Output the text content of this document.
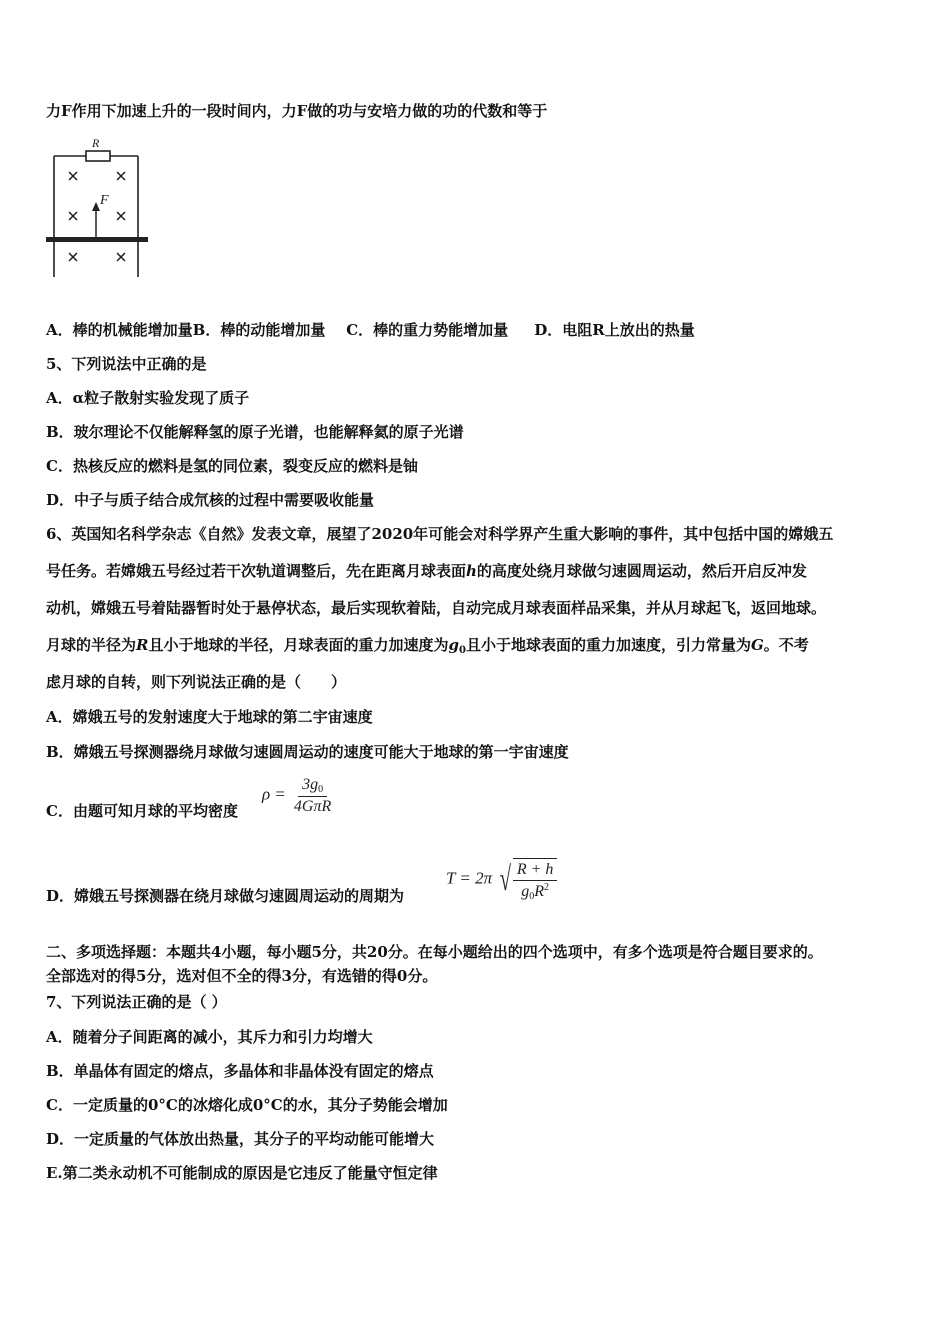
力F作用下加速上升的一段时间内，力F做的功与安培力做的功的代数和等于
R
F
A．棒的机械能增加量B．棒的动能增加量    C．棒的重力势能增加量     D．电阻R上放出的热量
5、下列说法中正确的是
A．α粒子散射实验发现了质子
B．玻尔理论不仅能解释氢的原子光谱，也能解释氦的原子光谱
C．热核反应的燃料是氢的同位素，裂变反应的燃料是铀
D．中子与质子结合成氘核的过程中需要吸收能量
6、英国知名科学杂志《自然》发表文章，展望了2020年可能会对科学界产生重大影响的事件，其中包括中国的嫦娥五
号任务。若嫦娥五号经过若干次轨道调整后，先在距离月球表面h的高度处绕月球做匀速圆周运动，然后开启反冲发
动机，嫦娥五号着陆器暂时处于悬停状态，最后实现软着陆，自动完成月球表面样品采集，并从月球起飞，返回地球。
月球的半径为R且小于地球的半径，月球表面的重力加速度为$g_0$且小于地球表面的重力加速度，引力常量为G。不考
虑月球的自转，则下列说法正确的是（　　）
A．嫦娥五号的发射速度大于地球的第二宇宙速度
B．嫦娥五号探测器绕月球做匀速圆周运动的速度可能大于地球的第一宇宙速度
C．由题可知月球的平均密度
$\rho = \frac{3g_0}{\text{4GπR}}$
D．嫦娥五号探测器在绕月球做匀速圆周运动的周期为
T = 2π √ $\frac{R + h}{g_0R^2}$
二、多项选择题：本题共4小题，每小题5分，共20分。在每小题给出的四个选项中，有多个选项是符合题目要求的。
全部选对的得5分，选对但不全的得3分，有选错的得0分。
7、下列说法正确的是（ ）
A．随着分子间距离的减小，其斥力和引力均增大
B．单晶体有固定的熔点，多晶体和非晶体没有固定的熔点
C．一定质量的0°C的冰熔化成0°C的水，其分子势能会增加
D．一定质量的气体放出热量，其分子的平均动能可能增大
E.第二类永动机不可能制成的原因是它违反了能量守恒定律
